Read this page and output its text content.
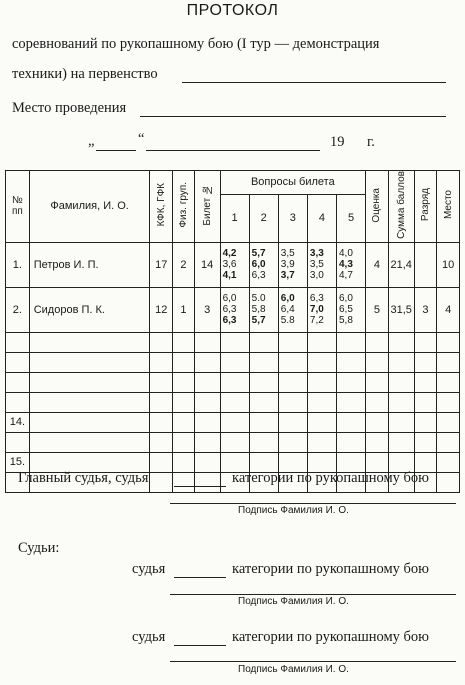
ПРОТОКОЛ
соревнований по рукопашному бою (I тур — демонстрация
техники) на первенство
Место проведения
„	“	19 г.
№ пп	Фамилия, И. О.	КФК, ГФК	Физ. груп.	Билет №	Вопросы билета					Оценка	Сумма баллов	Разряд	Место
					1	2	3	4	5				
1.	Петров И. П.	17	2	14	4,2
3,6
4,1	5,7
6,0
6,3	3,5
3,9
3,7	3,3
3,5
3,0	4,0
4,3
4,7	4	21,4		10
2.	Сидоров П. К.	12	1	3	6,0
6,3
6,3	5.0
5,8
5,7	6,0
6,4
5.8	6,3
7,0
7,2	6,0
6,5
5,8	5	31,5	3	4

14.													

15.													

Главный судья, судья	категории по рукопашному бою
Подпись Фамилия И. О.
Судьи:
судья	категории по рукопашному бою
Подпись Фамилия И. О.
судья	категории по рукопашному бою
Подпись Фамилия И. О.
